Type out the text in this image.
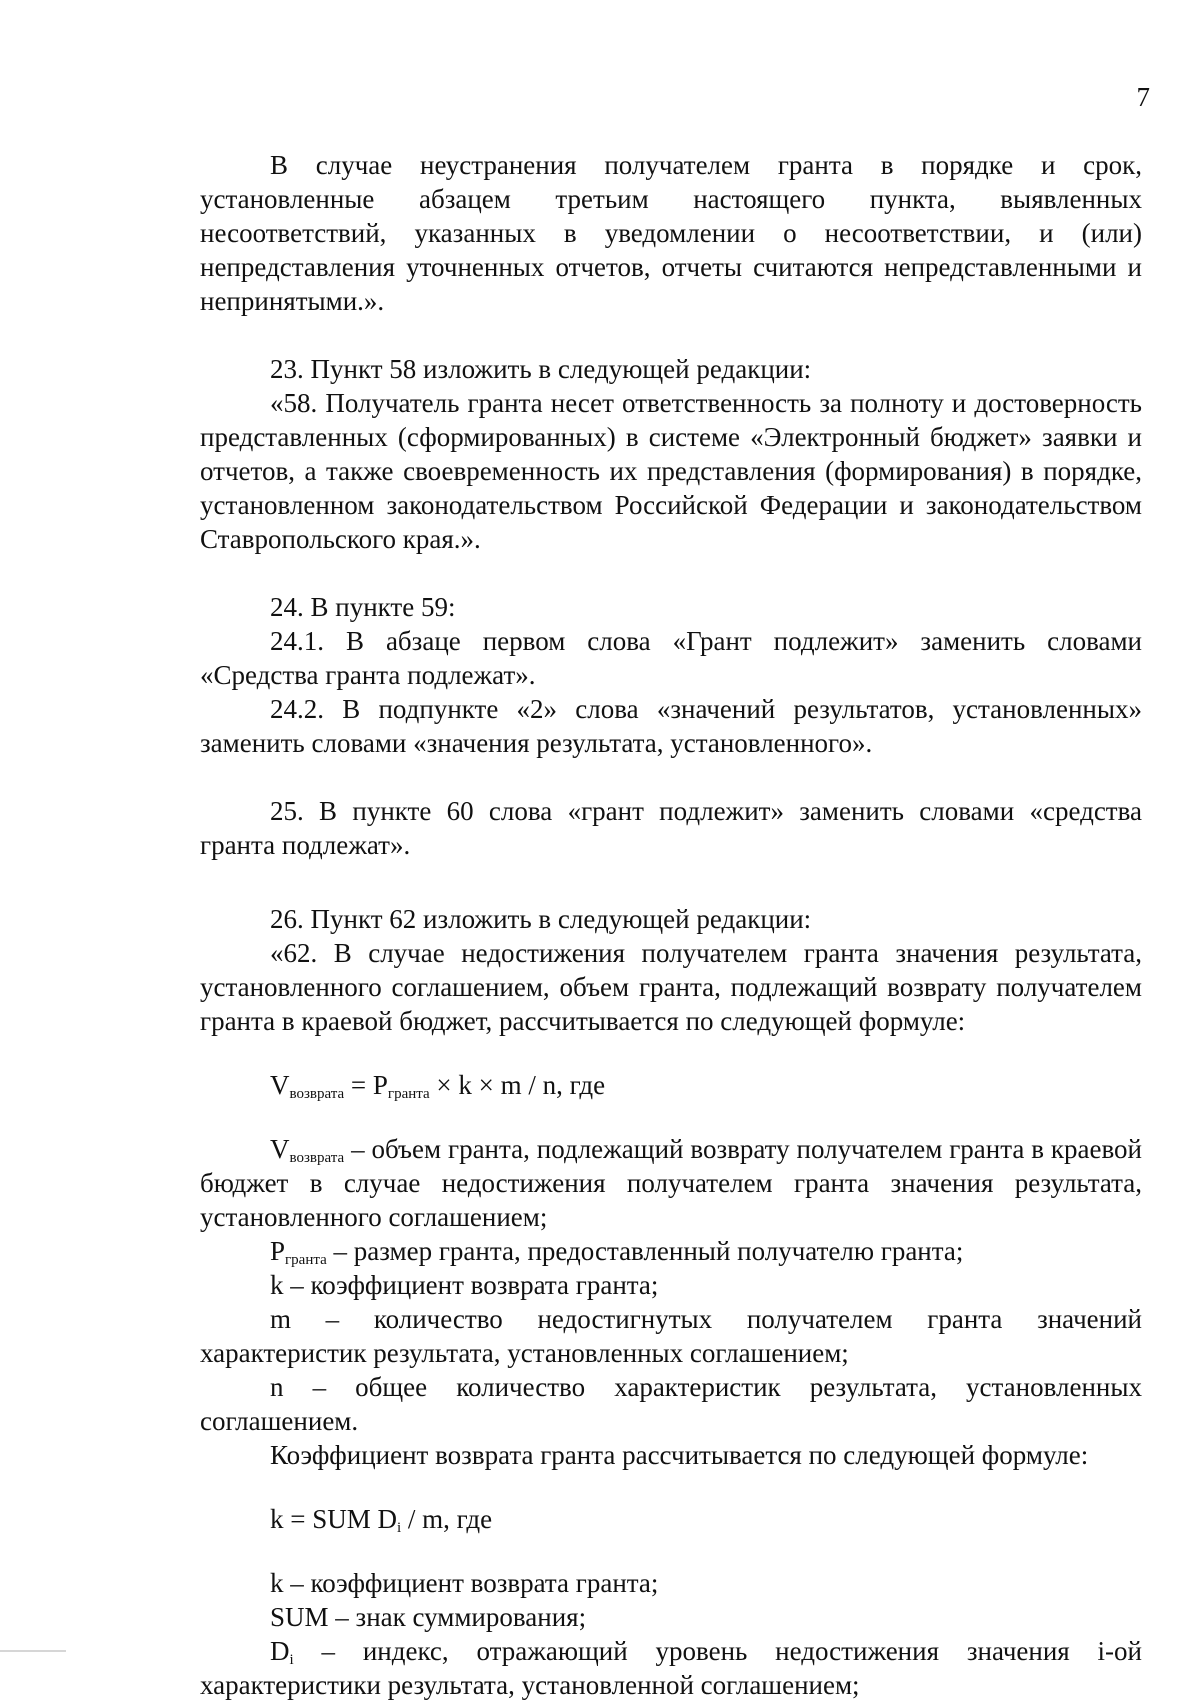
7

В случае неустранения получателем гранта в порядке и срок, установленные абзацем третьим настоящего пункта, выявленных несоответствий, указанных в уведомлении о несоответствии, и (или) непредставления уточненных отчетов, отчеты считаются непредставленными и непринятыми.».

23. Пункт 58 изложить в следующей редакции:

«58. Получатель гранта несет ответственность за полноту и достоверность представленных (сформированных) в системе «Электронный бюджет» заявки и отчетов, а также своевременность их представления (формирования) в порядке, установленном законодательством Российской Федерации и законодательством Ставропольского края.».

24. В пункте 59:

24.1. В абзаце первом слова «Грант подлежит» заменить словами «Средства гранта подлежат».

24.2. В подпункте «2» слова «значений результатов, установленных» заменить словами «значения результата, установленного».

25. В пункте 60 слова «грант подлежит» заменить словами «средства гранта подлежат».

26. Пункт 62 изложить в следующей редакции:

«62. В случае недостижения получателем гранта значения результата, установленного соглашением, объем гранта, подлежащий возврату получателем гранта в краевой бюджет, рассчитывается по следующей формуле:

$V_{возврата} = P_{гранта} \times k \times m / n$, где

$V_{возврата}$ – объем гранта, подлежащий возврату получателем гранта в краевой бюджет в случае недостижения получателем гранта значения результата, установленного соглашением;

$P_{гранта}$ – размер гранта, предоставленный получателю гранта;

k – коэффициент возврата гранта;

m – количество недостигнутых получателем гранта значений характеристик результата, установленных соглашением;

n – общее количество характеристик результата, установленных соглашением.

Коэффициент возврата гранта рассчитывается по следующей формуле:

k = SUM $D_i$ / m, где

k – коэффициент возврата гранта;

SUM – знак суммирования;

$D_i$ – индекс, отражающий уровень недостижения значения i-ой характеристики результата, установленной соглашением;
